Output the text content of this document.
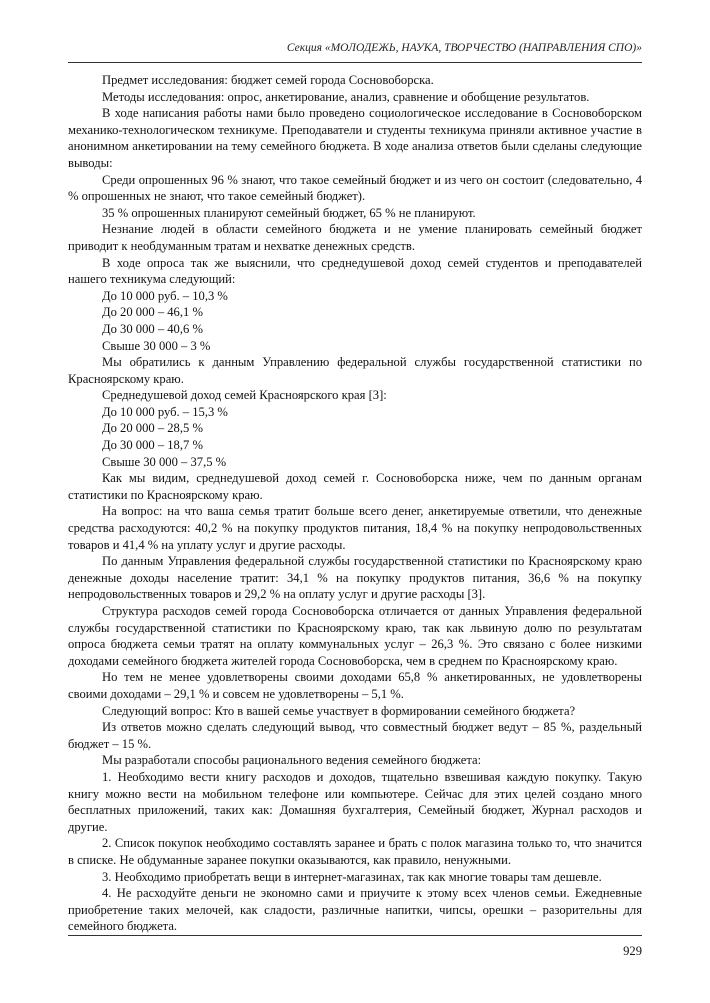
Секция «МОЛОДЕЖЬ, НАУКА, ТВОРЧЕСТВО (НАПРАВЛЕНИЯ СПО)»

Предмет исследования: бюджет семей города Сосновоборска.

Методы исследования: опрос, анкетирование, анализ, сравнение и обобщение результатов.

В ходе написания работы нами было проведено социологическое исследование в Сосновоборском механико-технологическом техникуме. Преподаватели и студенты техникума приняли активное участие в анонимном анкетировании на тему семейного бюджета. В ходе анализа ответов были сделаны следующие выводы:

Среди опрошенных 96 % знают, что такое семейный бюджет и из чего он состоит (следовательно, 4 % опрошенных не знают, что такое семейный бюджет).

35 % опрошенных планируют семейный бюджет, 65 % не планируют.

Незнание людей в области семейного бюджета и не умение планировать семейный бюджет приводит к необдуманным тратам и нехватке денежных средств.

В ходе опроса так же выяснили, что среднедушевой доход семей студентов и преподавателей нашего техникума следующий:

До 10 000 руб. – 10,3 %

До 20 000 – 46,1 %

До 30 000 – 40,6 %

Свыше 30 000 – 3 %

Мы обратились к данным Управлению федеральной службы государственной статистики по Красноярскому краю.

Среднедушевой доход семей Красноярского края [3]:

До 10 000 руб. – 15,3 %

До 20 000 – 28,5 %

До 30 000 – 18,7 %

Свыше 30 000 – 37,5 %

Как мы видим, среднедушевой доход семей г. Сосновоборска ниже, чем по данным органам статистики по Красноярскому краю.

На вопрос: на что ваша семья тратит больше всего денег, анкетируемые ответили, что денежные средства расходуются: 40,2 % на покупку продуктов питания, 18,4 % на покупку непродовольственных товаров и 41,4 % на уплату услуг и другие расходы.

По данным Управления федеральной службы государственной статистики по Красноярскому краю денежные доходы население тратит: 34,1 % на покупку продуктов питания, 36,6 % на покупку непродовольственных товаров и 29,2 % на оплату услуг и другие расходы [3].

Структура расходов семей города Сосновоборска отличается от данных Управления федеральной службы государственной статистики по Красноярскому краю, так как львиную долю по результатам опроса бюджета семьи тратят на оплату коммунальных услуг – 26,3 %. Это связано с более низкими доходами семейного бюджета жителей города Сосновоборска, чем в среднем по Красноярскому краю.

Но тем не менее удовлетворены своими доходами 65,8 % анкетированных, не удовлетворены своими доходами – 29,1 % и совсем не удовлетворены – 5,1 %.

Следующий вопрос: Кто в вашей семье участвует в формировании семейного бюджета?

Из ответов можно сделать следующий вывод, что совместный бюджет ведут – 85 %, раздельный бюджет – 15 %.

Мы разработали способы рационального ведения семейного бюджета:

1. Необходимо вести книгу расходов и доходов, тщательно взвешивая каждую покупку. Такую книгу можно вести на мобильном телефоне или компьютере. Сейчас для этих целей создано много бесплатных приложений, таких как: Домашняя бухгалтерия, Семейный бюджет, Журнал расходов и другие.

2. Список покупок необходимо составлять заранее и брать с полок магазина только то, что значится в списке. Не обдуманные заранее покупки оказываются, как правило, ненужными.

3. Необходимо приобретать вещи в интернет-магазинах, так как многие товары там дешевле.

4. Не расходуйте деньги не экономно сами и приучите к этому всех членов семьи. Ежедневные приобретение таких мелочей, как сладости, различные напитки, чипсы, орешки – разорительны для семейного бюджета.

929
